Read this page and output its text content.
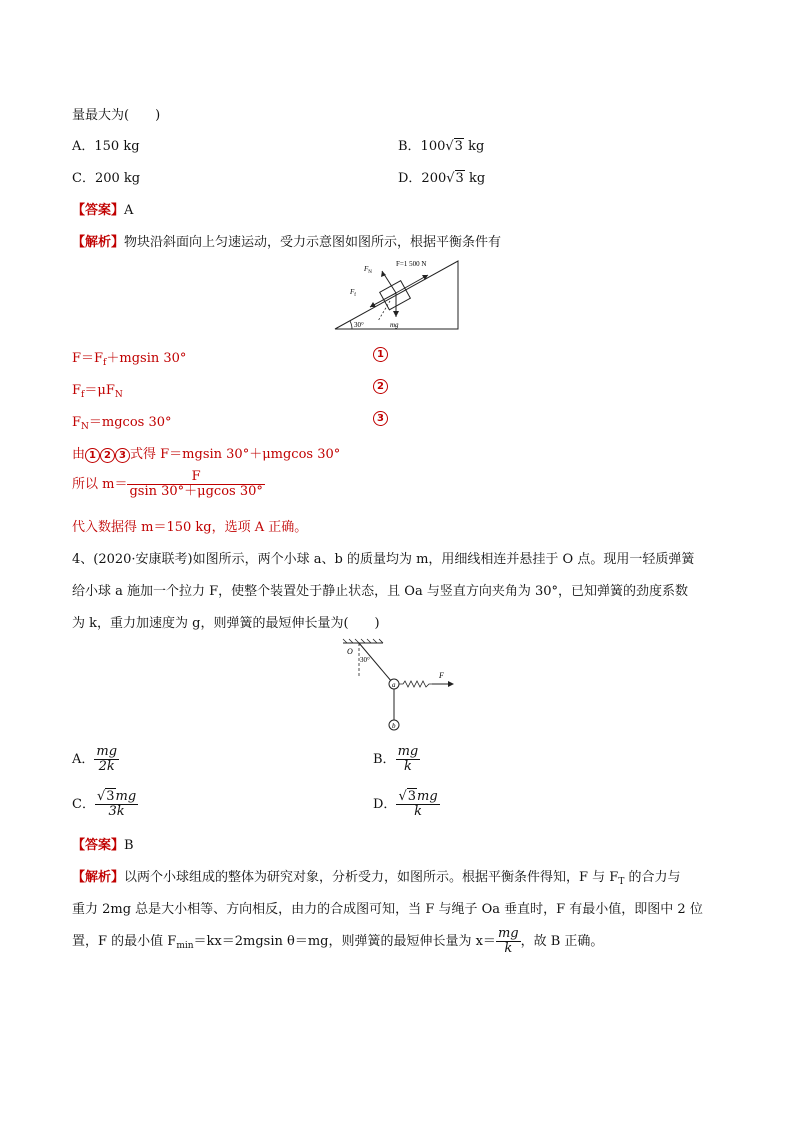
量最大为(　　)
A．150 kg	B．100√3 kg
C．200 kg	D．200√3 kg
【答案】A
【解析】物块沿斜面向上匀速运动，受力示意图如图所示，根据平衡条件有
$F_N$
F=1 500 N
$F_f$
30°	mg
$F=F_f+mgsin$ 30°	1
$F_f=\mu F_N$
2
$F_N=mgcos$ 30°	3
由 1 2 3 式得 F＝mgsin 30°＋μmgcos 30°
所以 $m= \frac{F}{gsin 30^\circ+\mu gcos 30^\circ}$
代入数据得 m＝150 kg，选项 A 正确。
4、(2020·安康联考)如图所示，两个小球 a、b 的质量均为 m，用细线相连并悬挂于 O 点。现用一轻质弹簧
给小球 a 施加一个拉力 F，使整个装置处于静止状态，且 Oa 与竖直方向夹角为 30°，已知弹簧的劲度系数
为 k，重力加速度为 g，则弹簧的最短伸长量为(　　)
O
30°
a
b
F
A． $\frac{mg}{2k}$	B． $\frac{mg}{k}$
C． $\frac{√3mg}{3k}$	D． $\frac{√3mg}{k}$
【答案】B
【解析】以两个小球组成的整体为研究对象，分析受力，如图所示。根据平衡条件得知，F 与 $F_T$ 的合力与
重力 2mg 总是大小相等、方向相反，由力的合成图可知，当 F 与绳子 Oa 垂直时，F 有最小值，即图中 2 位
置，F 的最小值 $F_{min}=kx=2mgsin$ θ＝mg，则弹簧的最短伸长量为 $x= \frac{mg}{k}$ ，故 B 正确。
